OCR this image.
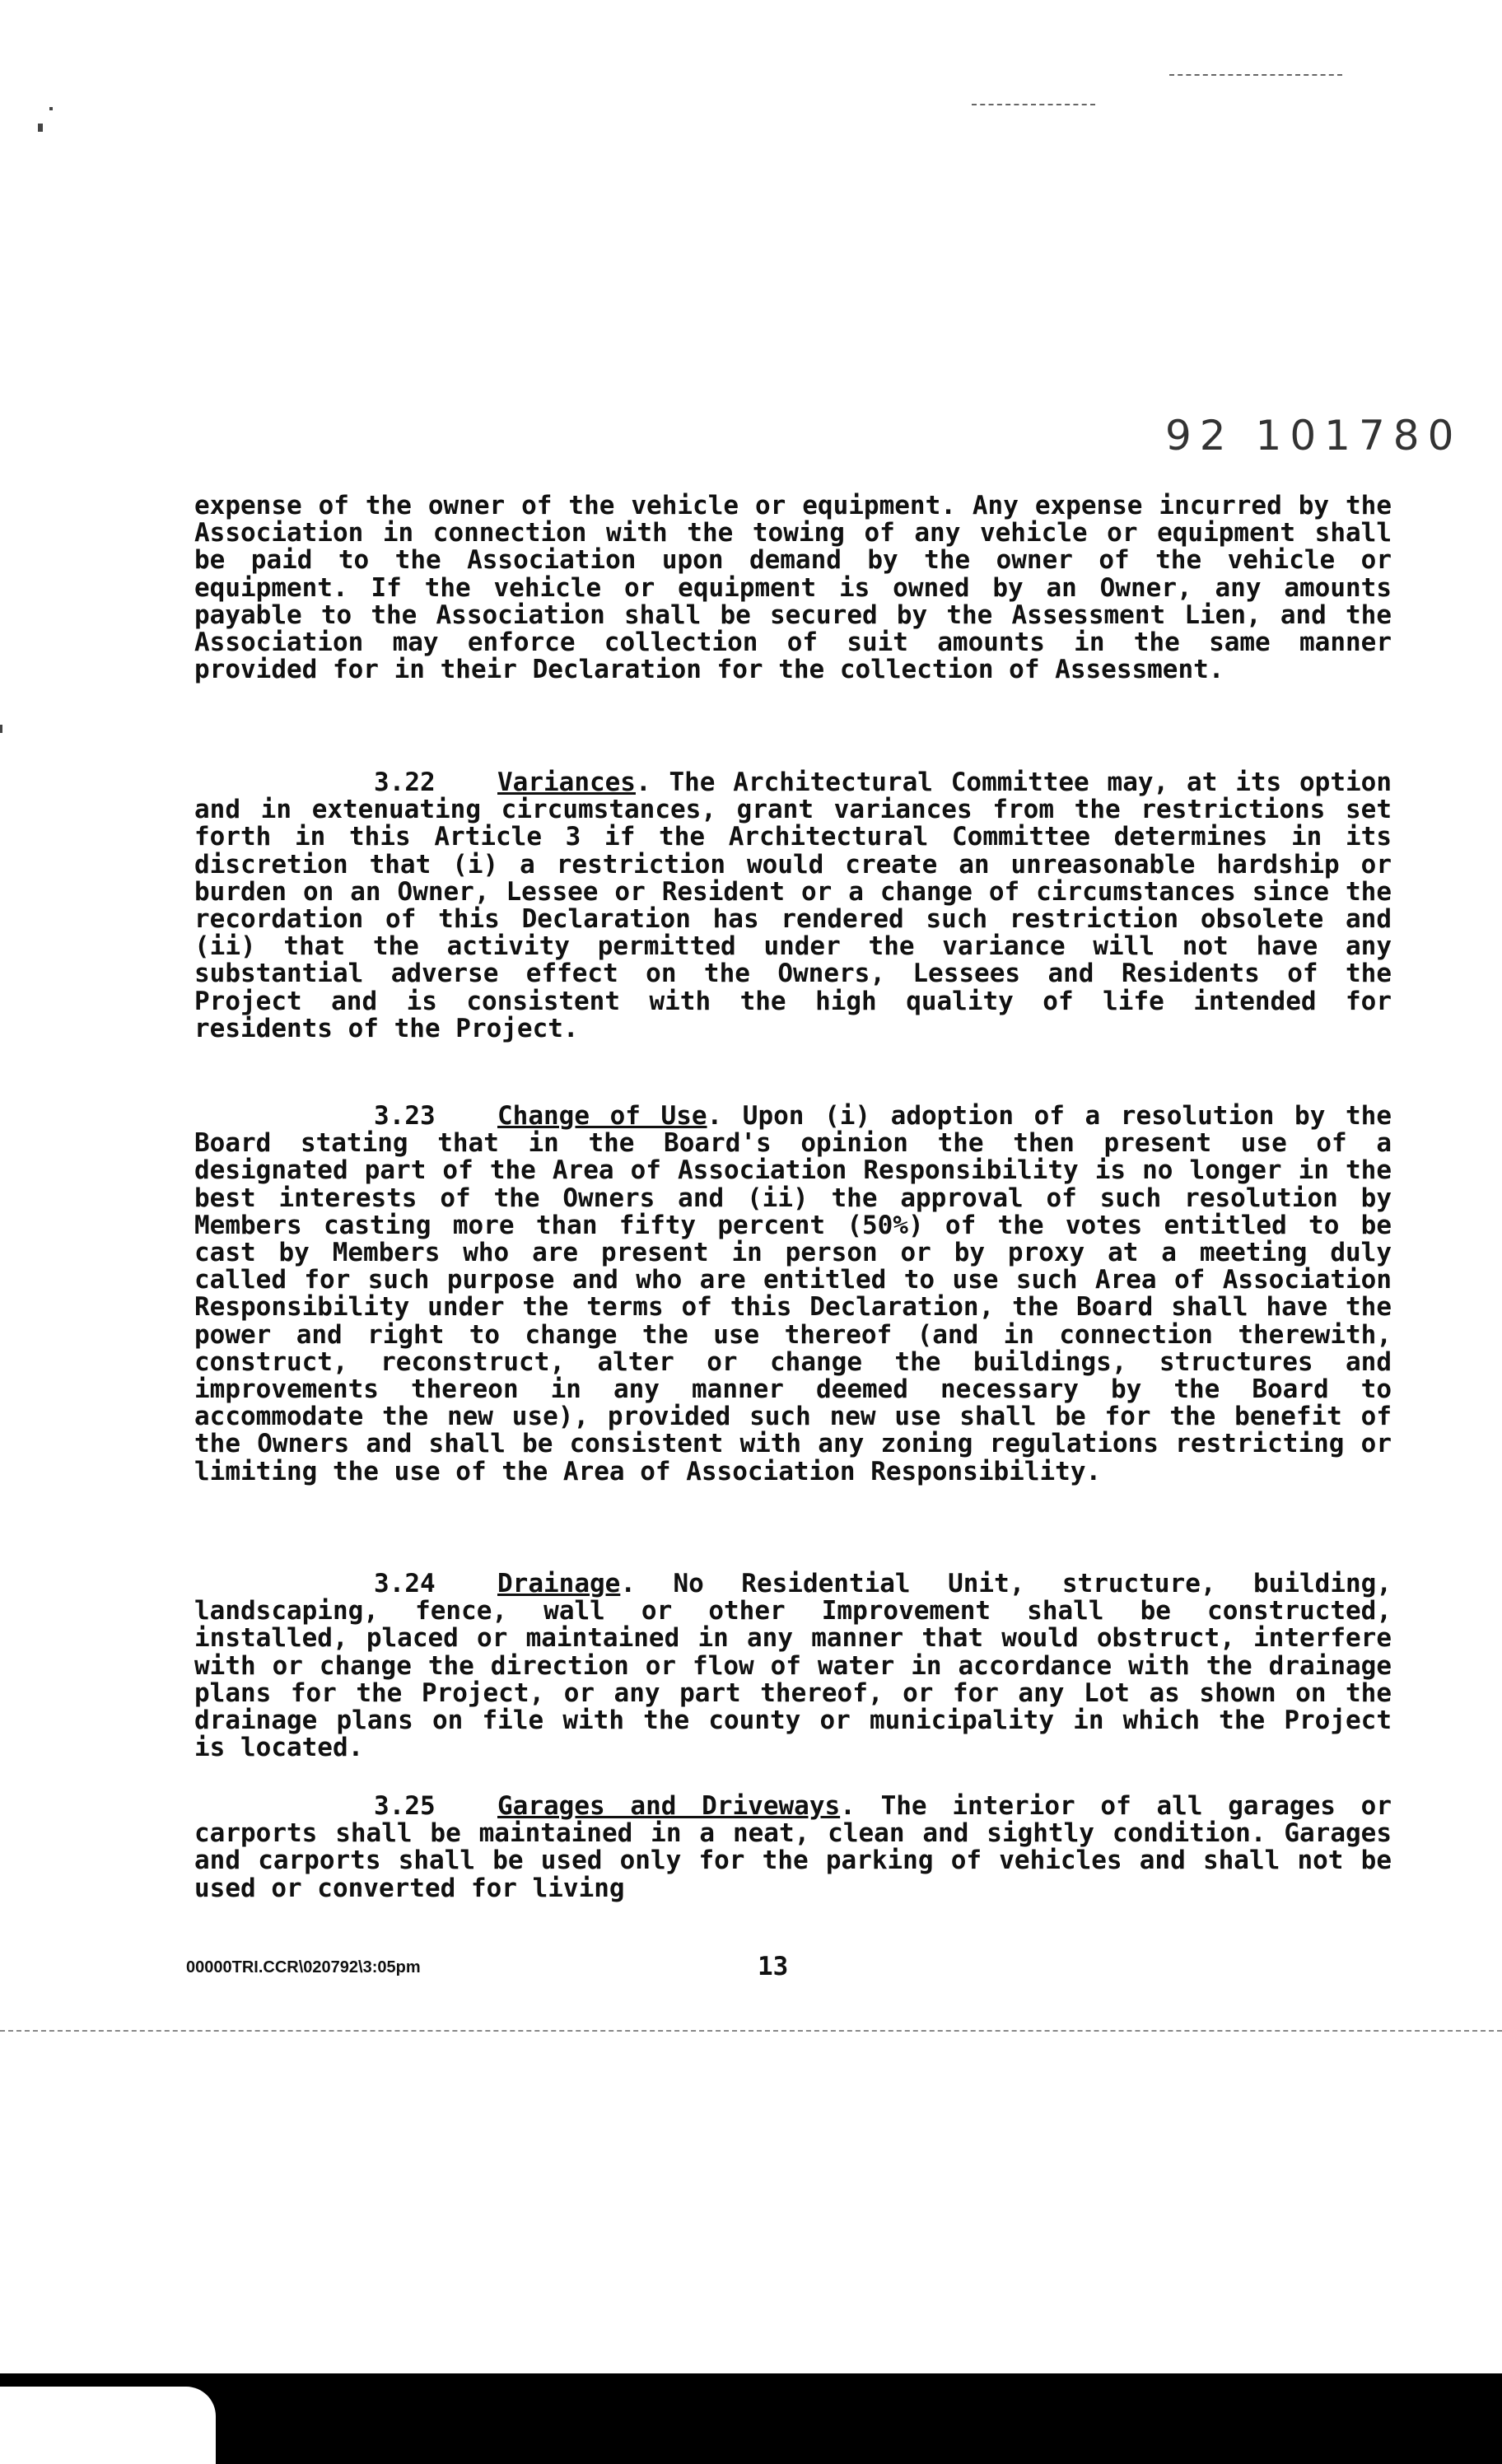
92 101780

expense of the owner of the vehicle or equipment. Any expense incurred by the Association in connection with the towing of any vehicle or equipment shall be paid to the Association upon demand by the owner of the vehicle or equipment. If the vehicle or equipment is owned by an Owner, any amounts payable to the Association shall be secured by the Assessment Lien, and the Association may enforce collection of suit amounts in the same manner provided for in their Declaration for the collection of Assessment.

3.22 Variances. The Architectural Committee may, at its option and in extenuating circumstances, grant variances from the restrictions set forth in this Article 3 if the Architectural Committee determines in its discretion that (i) a restriction would create an unreasonable hardship or burden on an Owner, Lessee or Resident or a change of circumstances since the recordation of this Declaration has rendered such restriction obsolete and (ii) that the activity permitted under the variance will not have any substantial adverse effect on the Owners, Lessees and Residents of the Project and is consistent with the high quality of life intended for residents of the Project.

3.23 Change of Use. Upon (i) adoption of a resolution by the Board stating that in the Board's opinion the then present use of a designated part of the Area of Association Responsibility is no longer in the best interests of the Owners and (ii) the approval of such resolution by Members casting more than fifty percent (50%) of the votes entitled to be cast by Members who are present in person or by proxy at a meeting duly called for such purpose and who are entitled to use such Area of Association Responsibility under the terms of this Declaration, the Board shall have the power and right to change the use thereof (and in connection therewith, construct, reconstruct, alter or change the buildings, structures and improvements thereon in any manner deemed necessary by the Board to accommodate the new use), provided such new use shall be for the benefit of the Owners and shall be consistent with any zoning regulations restricting or limiting the use of the Area of Association Responsibility.

3.24 Drainage. No Residential Unit, structure, building, landscaping, fence, wall or other Improvement shall be constructed, installed, placed or maintained in any manner that would obstruct, interfere with or change the direction or flow of water in accordance with the drainage plans for the Project, or any part thereof, or for any Lot as shown on the drainage plans on file with the county or municipality in which the Project is located.

3.25 Garages and Driveways. The interior of all garages or carports shall be maintained in a neat, clean and sightly condition. Garages and carports shall be used only for the parking of vehicles and shall not be used or converted for living

00000TRI.CCR\020792\3:05pm	13
